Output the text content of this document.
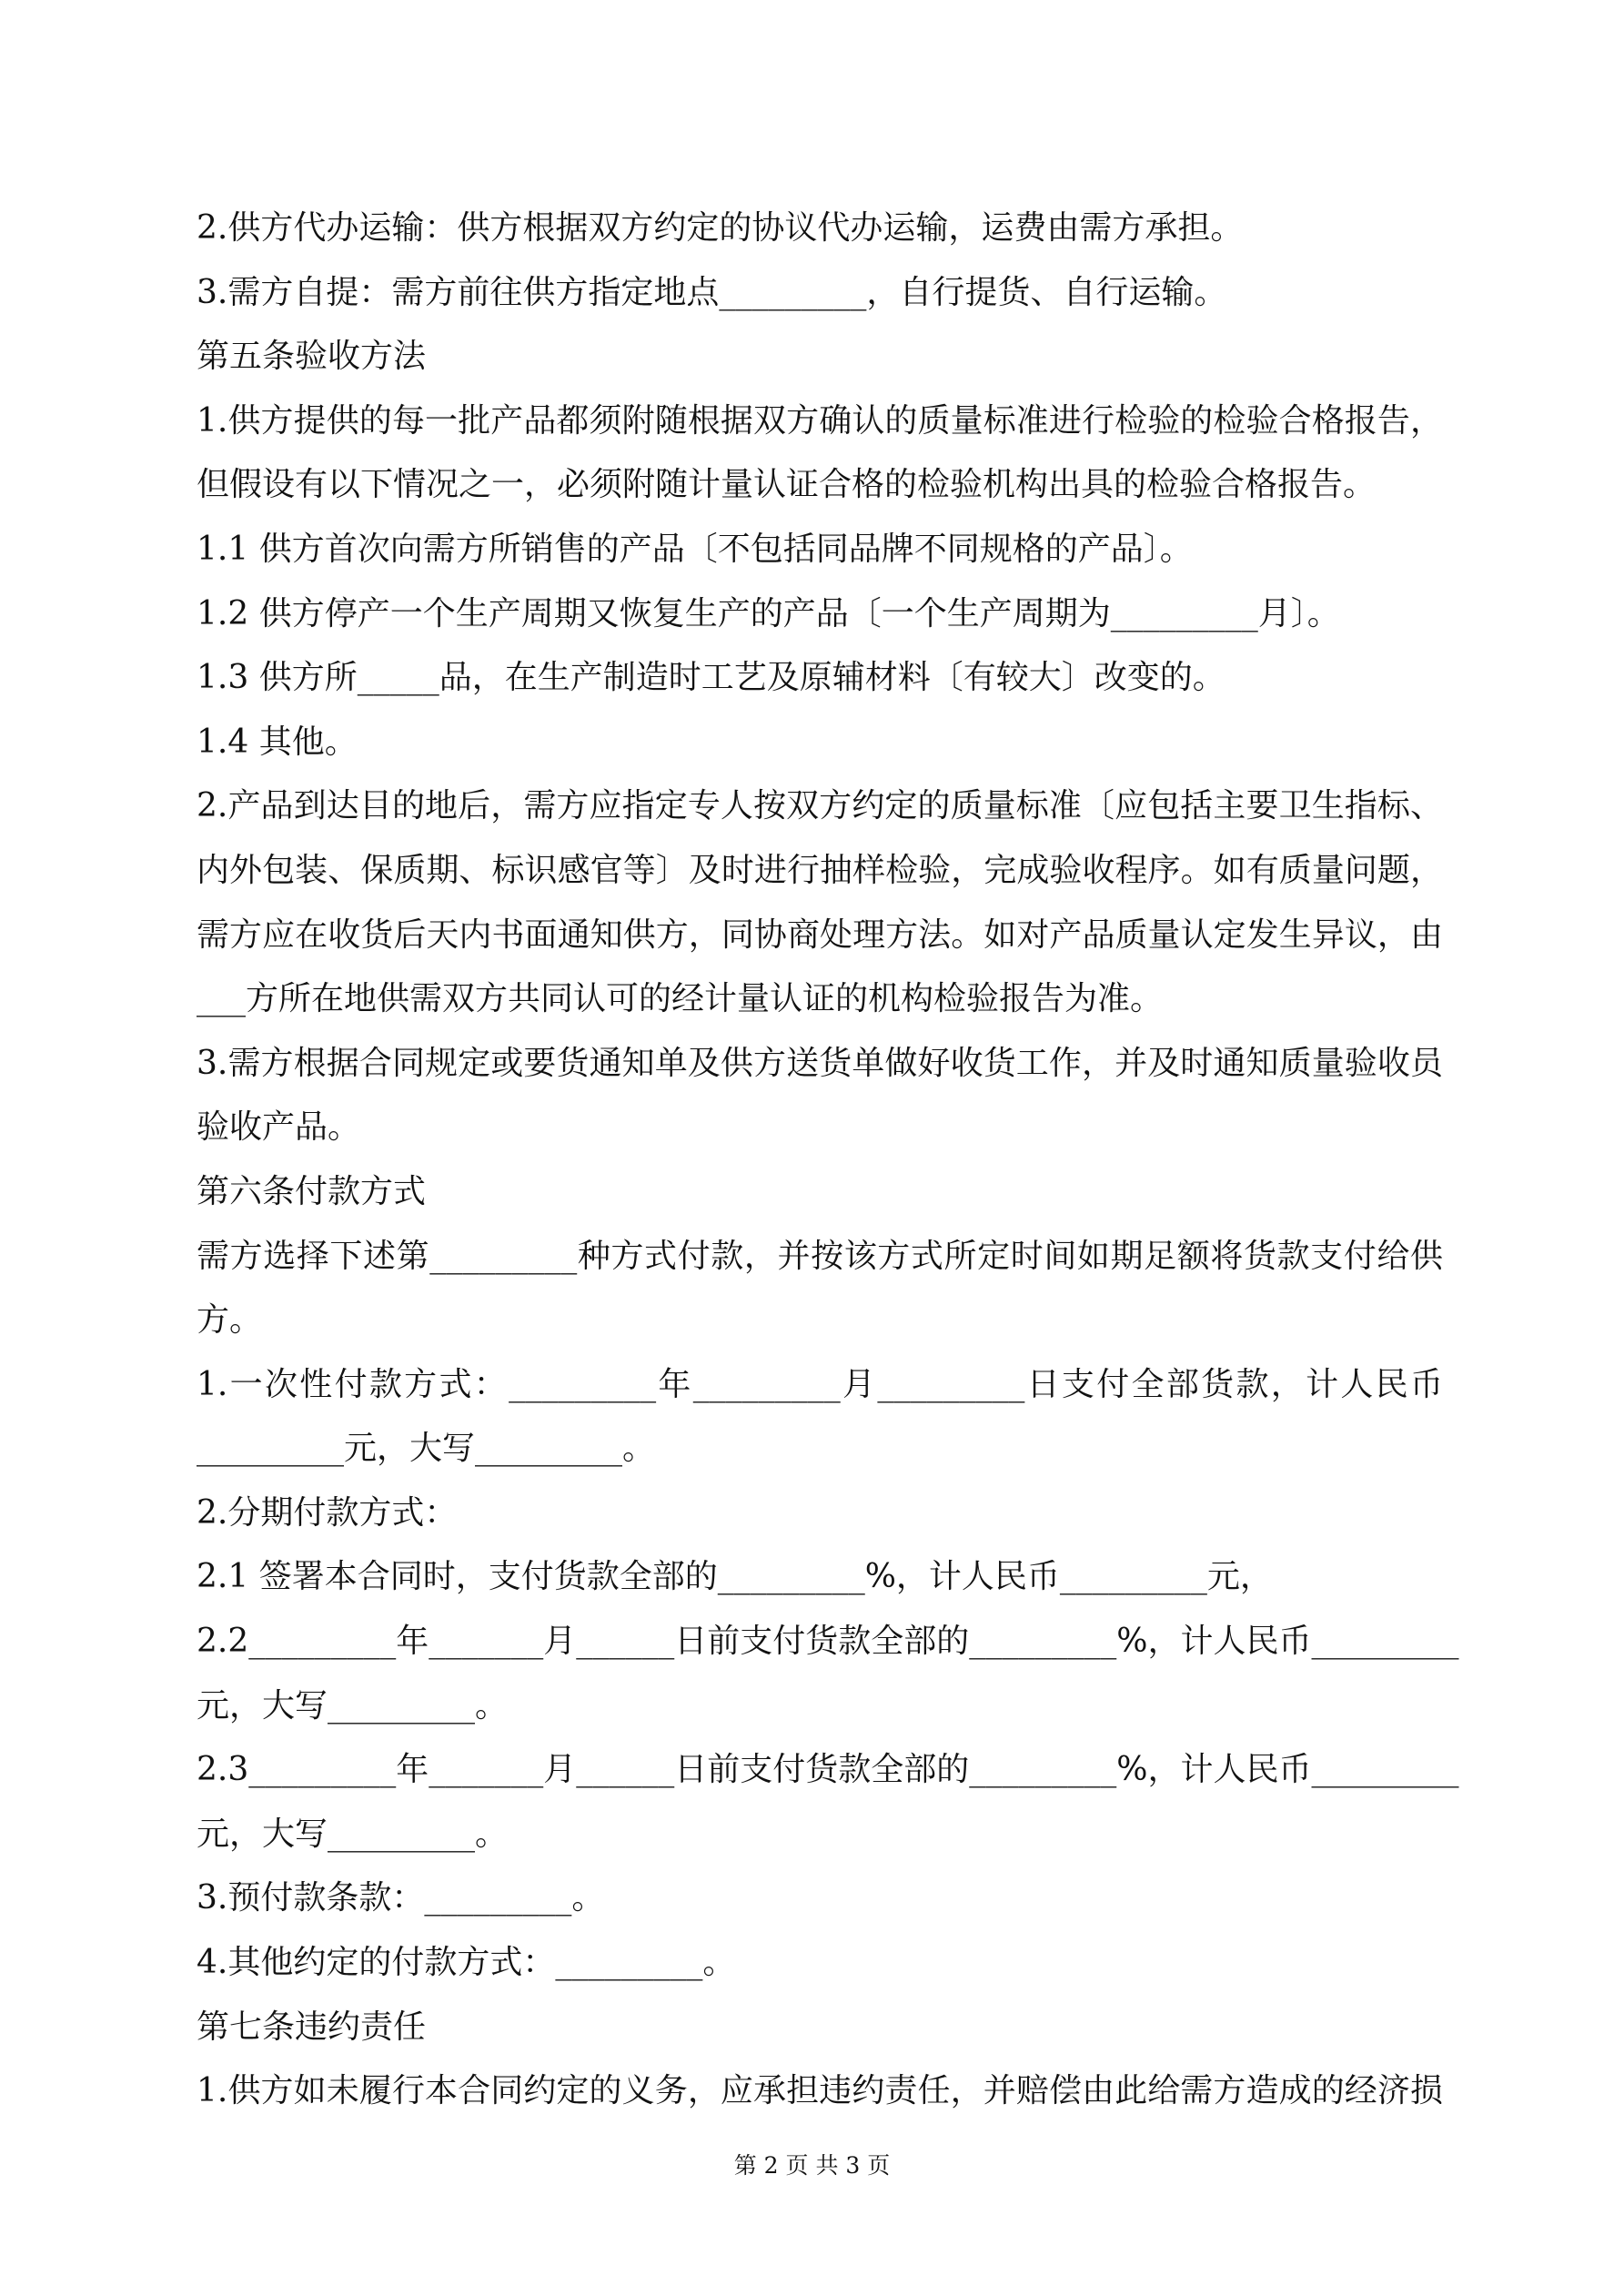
2.供方代办运输：供方根据双方约定的协议代办运输，运费由需方承担。
3.需方自提：需方前往供方指定地点_________，自行提货、自行运输。
第五条验收方法
1.供方提供的每一批产品都须附随根据双方确认的质量标准进行检验的检验合格报告，
但假设有以下情况之一，必须附随计量认证合格的检验机构出具的检验合格报告。
1.1 供方首次向需方所销售的产品〔不包括同品牌不同规格的产品〕。
1.2 供方停产一个生产周期又恢复生产的产品〔一个生产周期为_________月〕。
1.3 供方所_____品，在生产制造时工艺及原辅材料〔有较大〕改变的。
1.4 其他。
2.产品到达目的地后，需方应指定专人按双方约定的质量标准〔应包括主要卫生指标、
内外包装、保质期、标识感官等〕及时进行抽样检验，完成验收程序。如有质量问题，
需方应在收货后天内书面通知供方，同协商处理方法。如对产品质量认定发生异议，由
___方所在地供需双方共同认可的经计量认证的机构检验报告为准。
3.需方根据合同规定或要货通知单及供方送货单做好收货工作，并及时通知质量验收员
验收产品。
第六条付款方式
需方选择下述第_________种方式付款，并按该方式所定时间如期足额将货款支付给供
方。
1.一次性付款方式：_________年_________月_________日支付全部货款，计人民币
_________元，大写_________。
2.分期付款方式：
2.1 签署本合同时，支付货款全部的_________%，计人民币_________元，
2.2_________年_______月______日前支付货款全部的_________%，计人民币_________
元，大写_________。
2.3_________年_______月______日前支付货款全部的_________%，计人民币_________
元，大写_________。
3.预付款条款：_________。
4.其他约定的付款方式：_________。
第七条违约责任
1.供方如未履行本合同约定的义务，应承担违约责任，并赔偿由此给需方造成的经济损
第 2 页 共 3 页
